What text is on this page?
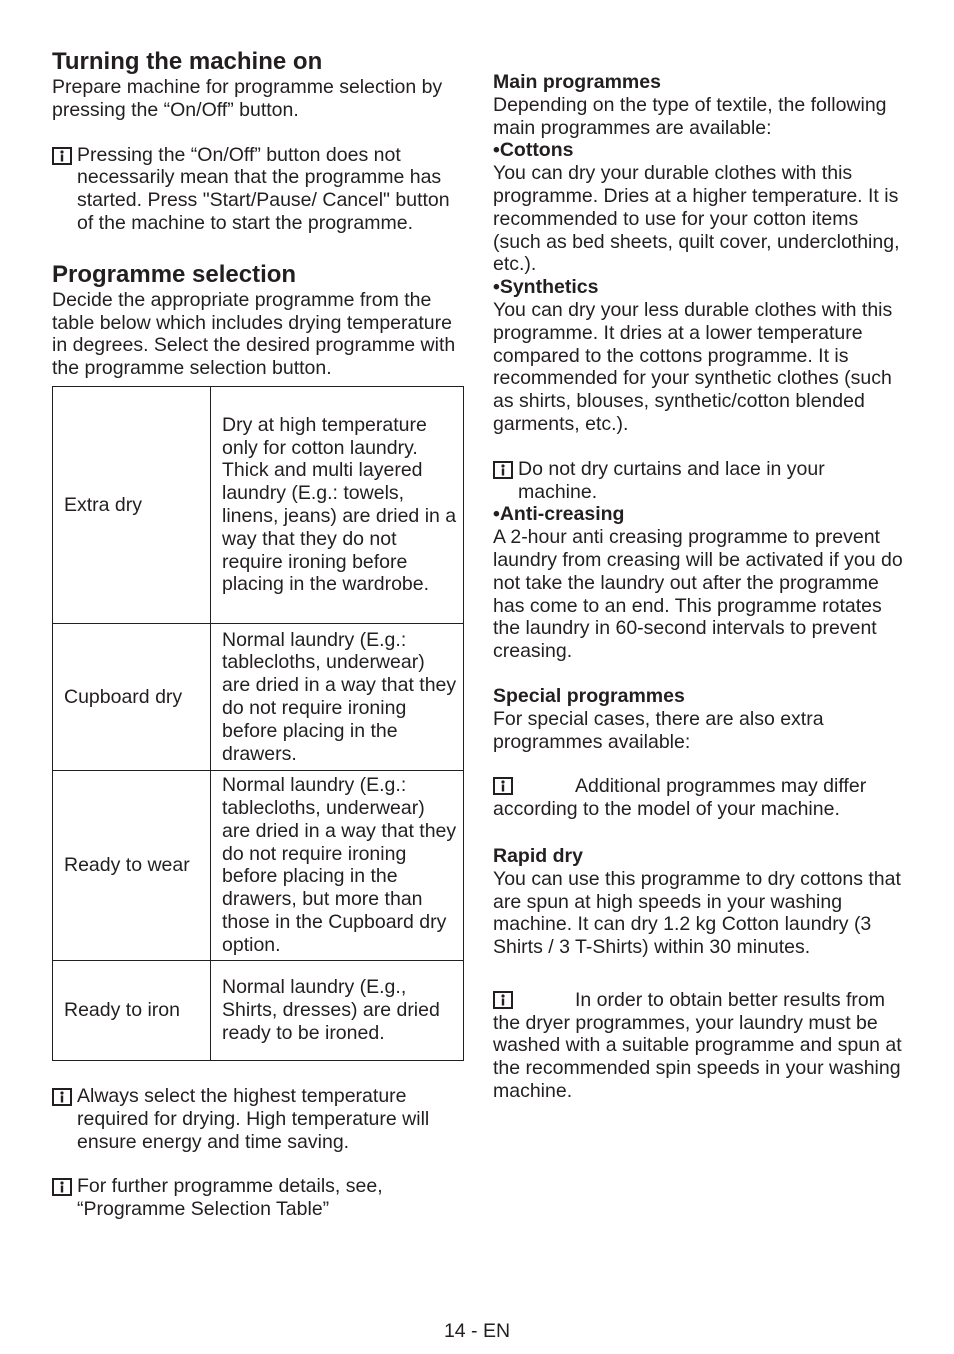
Turning the machine on

Prepare machine for programme selection by pressing the “On/Off” button.

Pressing the “On/Off” button does not necessarily mean that the programme has started. Press "Start/Pause/ Cancel" button of the machine to start the programme.

Programme selection

Decide the appropriate programme from the table below which includes drying temperature in degrees. Select the desired programme with the programme selection button.

Extra dry	Dry at high temperature only for cotton laundry. Thick and multi layered laundry (E.g.: towels, linens, jeans) are dried in a way that they do not require ironing before placing in the wardrobe.
Cupboard dry	Normal laundry (E.g.: tablecloths, underwear) are dried in a way that they do not require ironing before placing in the drawers.
Ready to wear	Normal laundry (E.g.: tablecloths, underwear) are dried in a way that they do not require ironing before placing in the drawers, but more than those in the Cupboard dry option.
Ready to iron	Normal laundry (E.g., Shirts, dresses) are dried ready to be ironed.

Always select the highest temperature required for drying. High temperature will ensure energy and time saving.

For further programme details, see, “Programme Selection Table”

Main programmes

Depending on the type of textile, the following main programmes are available:

•Cottons

You can dry your durable clothes with this programme. Dries at a higher temperature. It is recommended to use for your cotton items (such as bed sheets, quilt cover, underclothing, etc.).

•Synthetics

You can dry your less durable clothes with this programme. It dries at a lower temperature compared to the cottons programme. It is recommended for your synthetic clothes (such as shirts, blouses, synthetic/cotton blended garments, etc.).

Do not dry curtains and lace in your machine.

•Anti-creasing

A 2-hour anti creasing programme to prevent laundry from creasing will be activated if you do not take the laundry out after the programme has come to an end. This programme rotates the laundry in 60-second intervals to prevent creasing.

Special programmes

For special cases, there are also extra programmes available:

Additional programmes may differ according to the model of your machine.

Rapid dry

You can use this programme to dry cottons that are spun at high speeds in your washing machine. It can dry 1.2 kg Cotton laundry (3 Shirts / 3 T-Shirts) within 30 minutes.

In order to obtain better results from the dryer programmes, your laundry must be washed with a suitable programme and spun at the recommended spin speeds in your washing machine.

14 - EN
